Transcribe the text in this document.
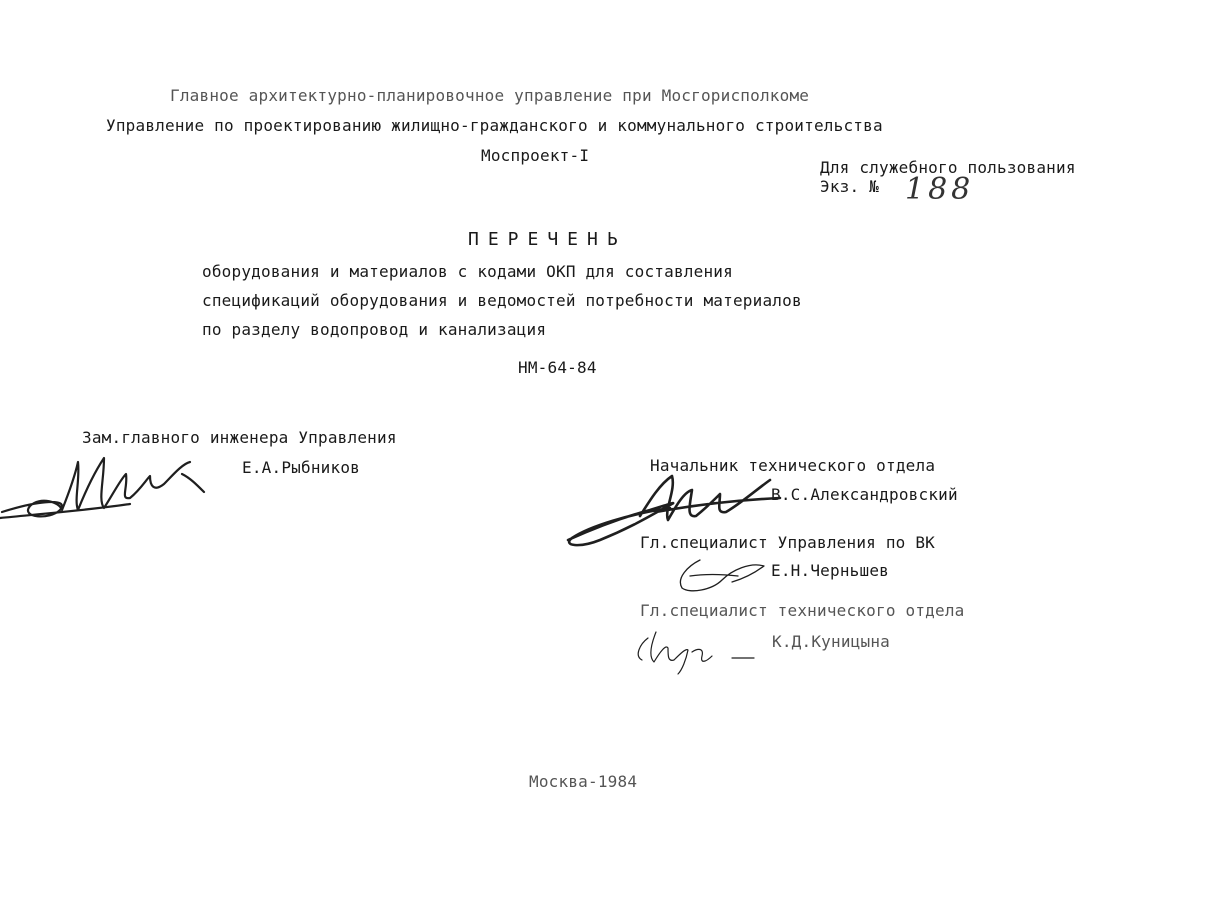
Главное архитектурно-планировочное управление при Мосгорисполкоме
Управление по проектированию жилищно-гражданского и коммунального строительства
Моспроект-I
Для служебного пользования
Экз. № 188
ПЕРЕЧЕНЬ
оборудования и материалов с кодами ОКП для составления
спецификаций оборудования и ведомостей потребности материалов
по разделу водопровод и канализация
НМ-64-84
Зам.главного инженера Управления
Е.А.Рыбников	Начальник технического отдела
В.С.Александровский
Гл.специалист Управления по ВК
Е.Н.Черньшев
Гл.специалист технического отдела
К.Д.Куницына
Москва-1984
